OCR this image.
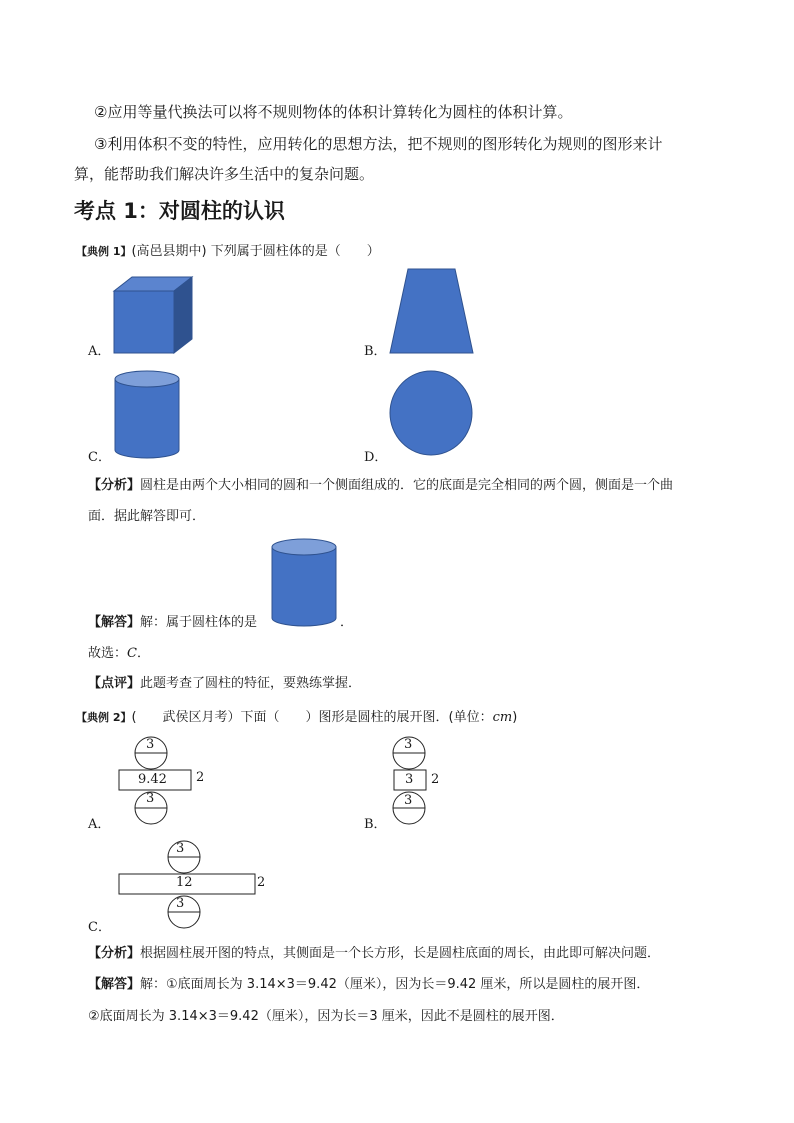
②应用等量代换法可以将不规则物体的体积计算转化为圆柱的体积计算。
③利用体积不变的特性，应用转化的思想方法，把不规则的图形转化为规则的图形来计
算，能帮助我们解决许多生活中的复杂问题。
考点 1：对圆柱的认识
【典例 1】(高邑县期中) 下列属于圆柱体的是（　　）
A．	B．
C．	D．
【分析】圆柱是由两个大小相同的圆和一个侧面组成的．它的底面是完全相同的两个圆，侧面是一个曲
面．据此解答即可．
【解答】解：属于圆柱体的是	．
故选：C．
【点评】此题考查了圆柱的特征，要熟练掌握．
【典例 2】(　　武侯区月考）下面（　　）图形是圆柱的展开图．(单位：cm)
3
9.42 2
3
A．
3
3 2
3
B．
3
12	2
3
C．
【分析】根据圆柱展开图的特点，其侧面是一个长方形，长是圆柱底面的周长，由此即可解决问题．
【解答】解：①底面周长为 3.14×3＝9.42（厘米），因为长＝9.42 厘米，所以是圆柱的展开图．
②底面周长为 3.14×3＝9.42（厘米），因为长＝3 厘米，因此不是圆柱的展开图．
